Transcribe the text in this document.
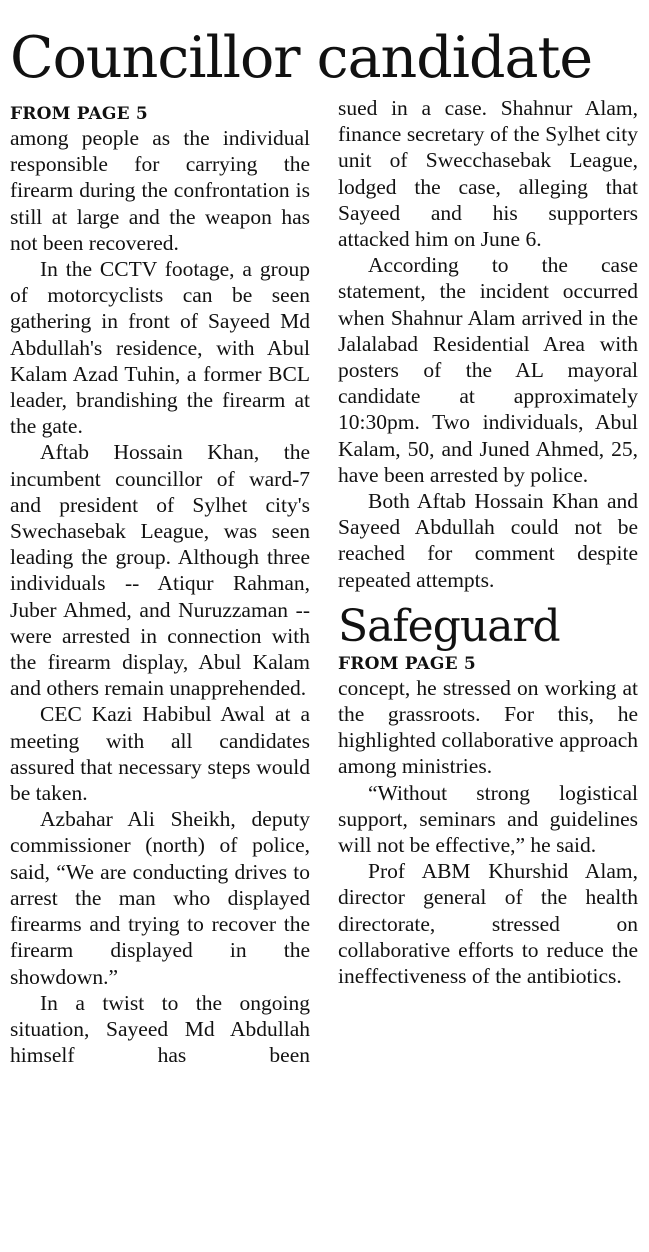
Councillor candidate
FROM PAGE 5

among people as the individual responsible for carrying the firearm during the confrontation is still at large and the weapon has not been recovered.

In the CCTV footage, a group of motorcyclists can be seen gathering in front of Sayeed Md Abdullah's residence, with Abul Kalam Azad Tuhin, a former BCL leader, brandishing the firearm at the gate.

Aftab Hossain Khan, the incumbent councillor of ward-7 and president of Sylhet city's Swechasebak League, was seen leading the group. Although three individuals -- Atiqur Rahman, Juber Ahmed, and Nuruzzaman -- were arrested in connection with the firearm display, Abul Kalam and others remain unapprehended.

CEC Kazi Habibul Awal at a meeting with all candidates assured that necessary steps would be taken.

Azbahar Ali Sheikh, deputy commissioner (north) of police, said, “We are conducting drives to arrest the man who displayed firearms and trying to recover the firearm displayed in the showdown.”

In a twist to the ongoing situation, Sayeed Md Abdullah himself has been

sued in a case. Shahnur Alam, finance secretary of the Sylhet city unit of Swecchasebak League, lodged the case, alleging that Sayeed and his supporters attacked him on June 6.

According to the case statement, the incident occurred when Shahnur Alam arrived in the Jalalabad Residential Area with posters of the AL mayoral candidate at approximately 10:30pm. Two individuals, Abul Kalam, 50, and Juned Ahmed, 25, have been arrested by police.

Both Aftab Hossain Khan and Sayeed Abdullah could not be reached for comment despite repeated attempts.

Safeguard
FROM PAGE 5

concept, he stressed on working at the grassroots. For this, he highlighted collaborative approach among ministries.

“Without strong logistical support, seminars and guidelines will not be effective,” he said.

Prof ABM Khurshid Alam, director general of the health directorate, stressed on collaborative efforts to reduce the ineffectiveness of the antibiotics.
